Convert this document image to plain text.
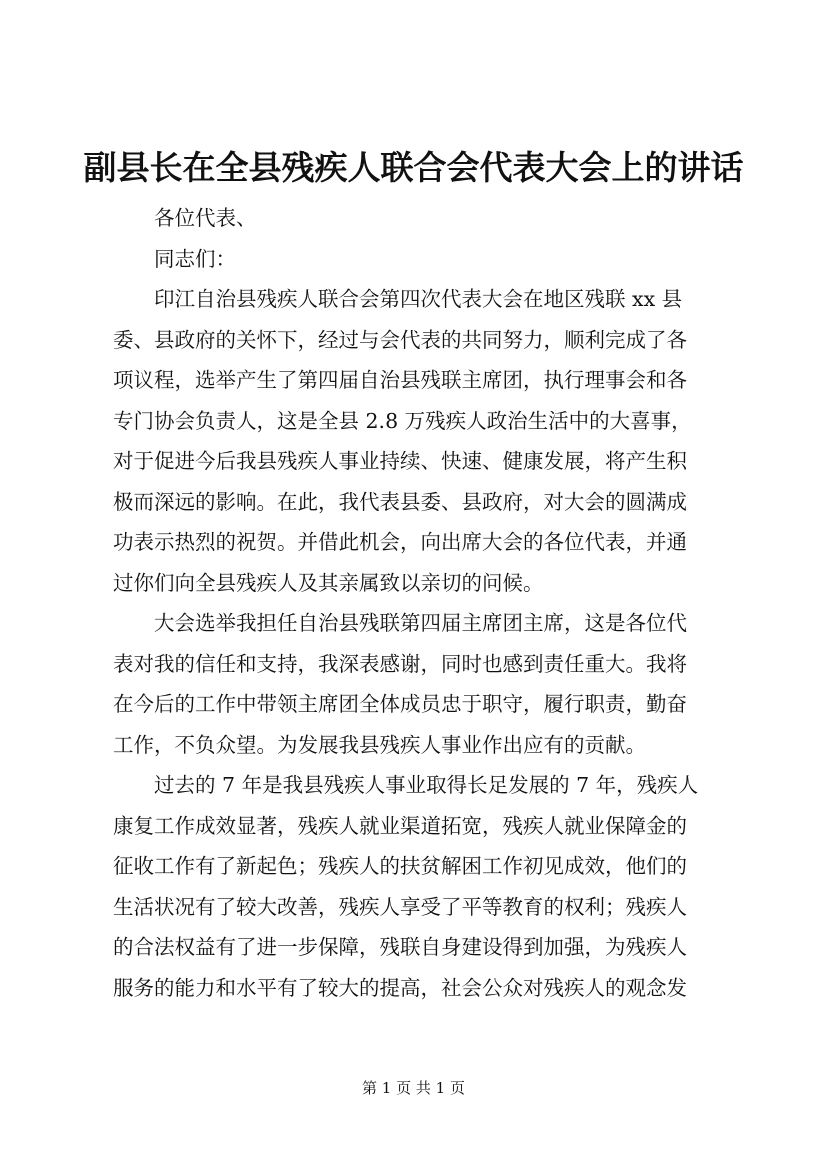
副县长在全县残疾人联合会代表大会上的讲话
各位代表、
同志们：
印江自治县残疾人联合会第四次代表大会在地区残联 xx 县
委、县政府的关怀下，经过与会代表的共同努力，顺利完成了各
项议程，选举产生了第四届自治县残联主席团，执行理事会和各
专门协会负责人，这是全县 2.8 万残疾人政治生活中的大喜事，
对于促进今后我县残疾人事业持续、快速、健康发展，将产生积
极而深远的影响。在此，我代表县委、县政府，对大会的圆满成
功表示热烈的祝贺。并借此机会，向出席大会的各位代表，并通
过你们向全县残疾人及其亲属致以亲切的问候。
大会选举我担任自治县残联第四届主席团主席，这是各位代
表对我的信任和支持，我深表感谢，同时也感到责任重大。我将
在今后的工作中带领主席团全体成员忠于职守，履行职责，勤奋
工作，不负众望。为发展我县残疾人事业作出应有的贡献。
过去的 7 年是我县残疾人事业取得长足发展的 7 年，残疾人
康复工作成效显著，残疾人就业渠道拓宽，残疾人就业保障金的
征收工作有了新起色；残疾人的扶贫解困工作初见成效，他们的
生活状况有了较大改善，残疾人享受了平等教育的权利；残疾人
的合法权益有了进一步保障，残联自身建设得到加强，为残疾人
服务的能力和水平有了较大的提高，社会公众对残疾人的观念发
第 1 页 共 1 页
